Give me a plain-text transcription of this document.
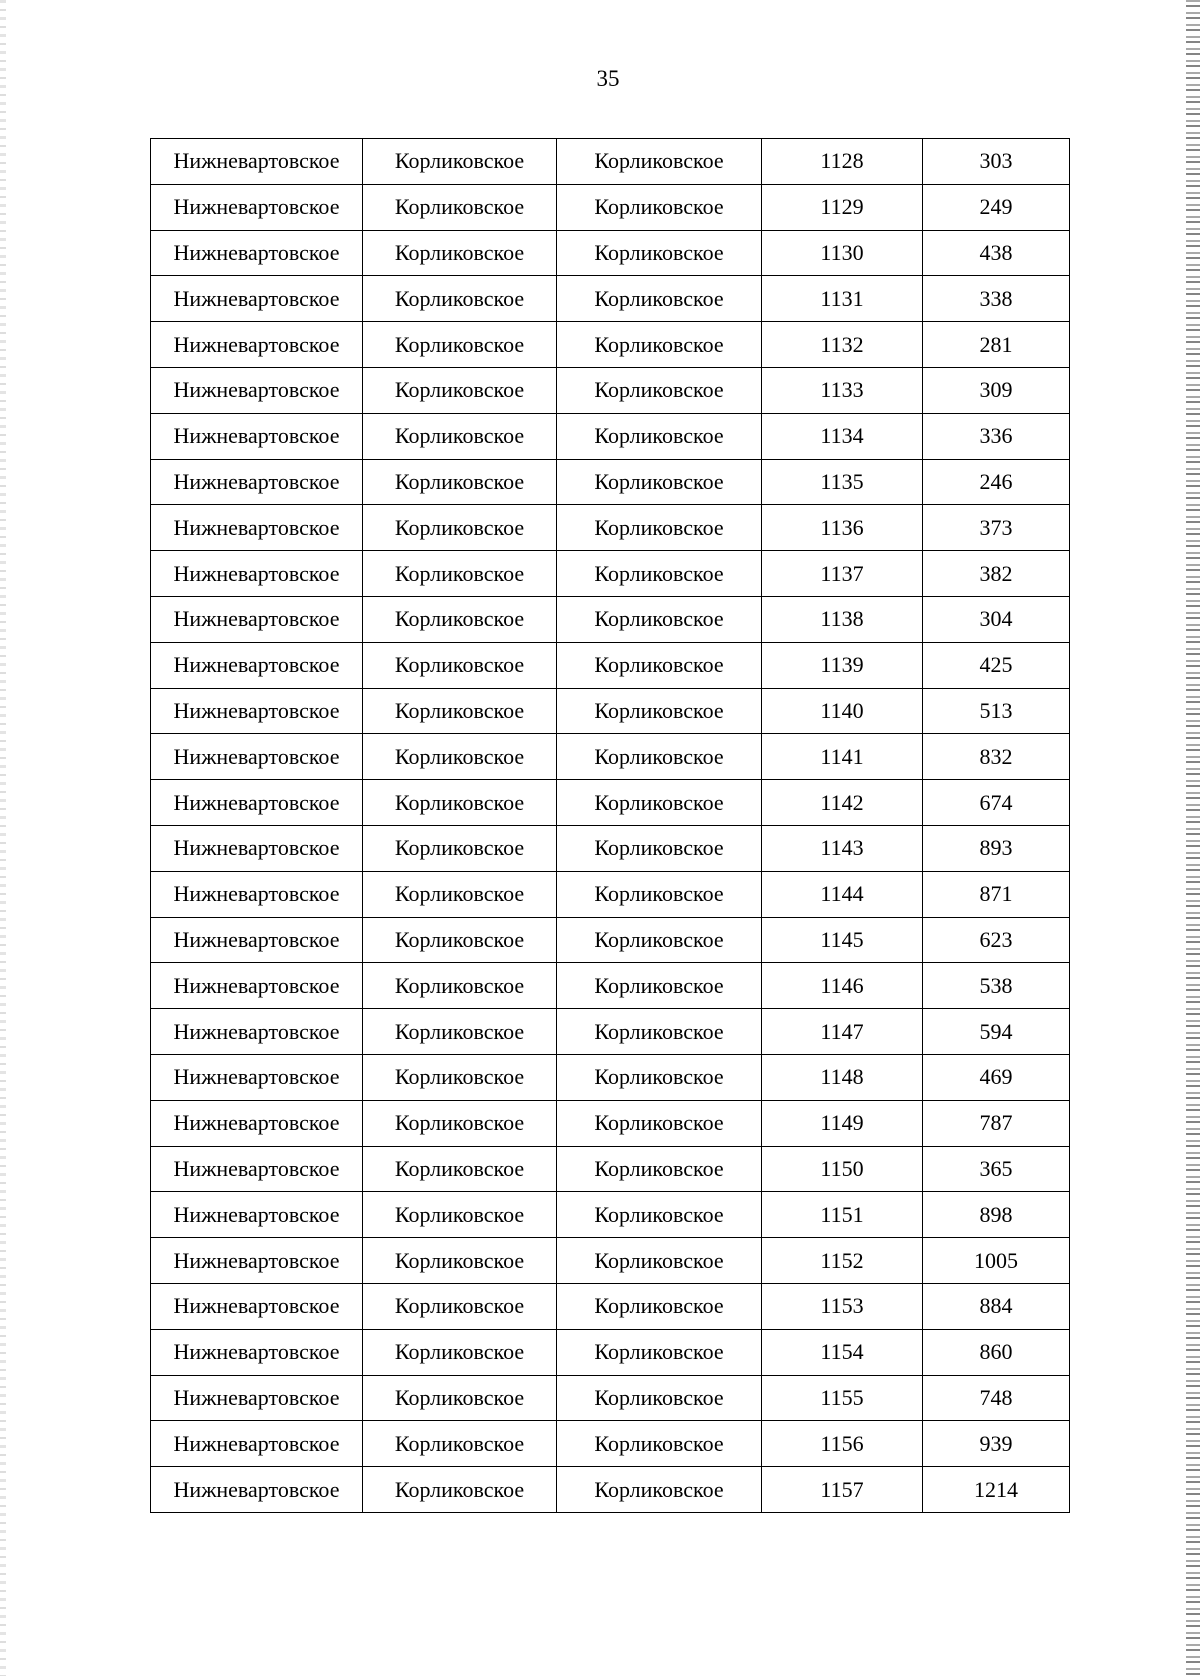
35
Нижневартовское	Корликовское	Корликовское	1128	303
Нижневартовское	Корликовское	Корликовское	1129	249
Нижневартовское	Корликовское	Корликовское	1130	438
Нижневартовское	Корликовское	Корликовское	1131	338
Нижневартовское	Корликовское	Корликовское	1132	281
Нижневартовское	Корликовское	Корликовское	1133	309
Нижневартовское	Корликовское	Корликовское	1134	336
Нижневартовское	Корликовское	Корликовское	1135	246
Нижневартовское	Корликовское	Корликовское	1136	373
Нижневартовское	Корликовское	Корликовское	1137	382
Нижневартовское	Корликовское	Корликовское	1138	304
Нижневартовское	Корликовское	Корликовское	1139	425
Нижневартовское	Корликовское	Корликовское	1140	513
Нижневартовское	Корликовское	Корликовское	1141	832
Нижневартовское	Корликовское	Корликовское	1142	674
Нижневартовское	Корликовское	Корликовское	1143	893
Нижневартовское	Корликовское	Корликовское	1144	871
Нижневартовское	Корликовское	Корликовское	1145	623
Нижневартовское	Корликовское	Корликовское	1146	538
Нижневартовское	Корликовское	Корликовское	1147	594
Нижневартовское	Корликовское	Корликовское	1148	469
Нижневартовское	Корликовское	Корликовское	1149	787
Нижневартовское	Корликовское	Корликовское	1150	365
Нижневартовское	Корликовское	Корликовское	1151	898
Нижневартовское	Корликовское	Корликовское	1152	1005
Нижневартовское	Корликовское	Корликовское	1153	884
Нижневартовское	Корликовское	Корликовское	1154	860
Нижневартовское	Корликовское	Корликовское	1155	748
Нижневартовское	Корликовское	Корликовское	1156	939
Нижневартовское	Корликовское	Корликовское	1157	1214
